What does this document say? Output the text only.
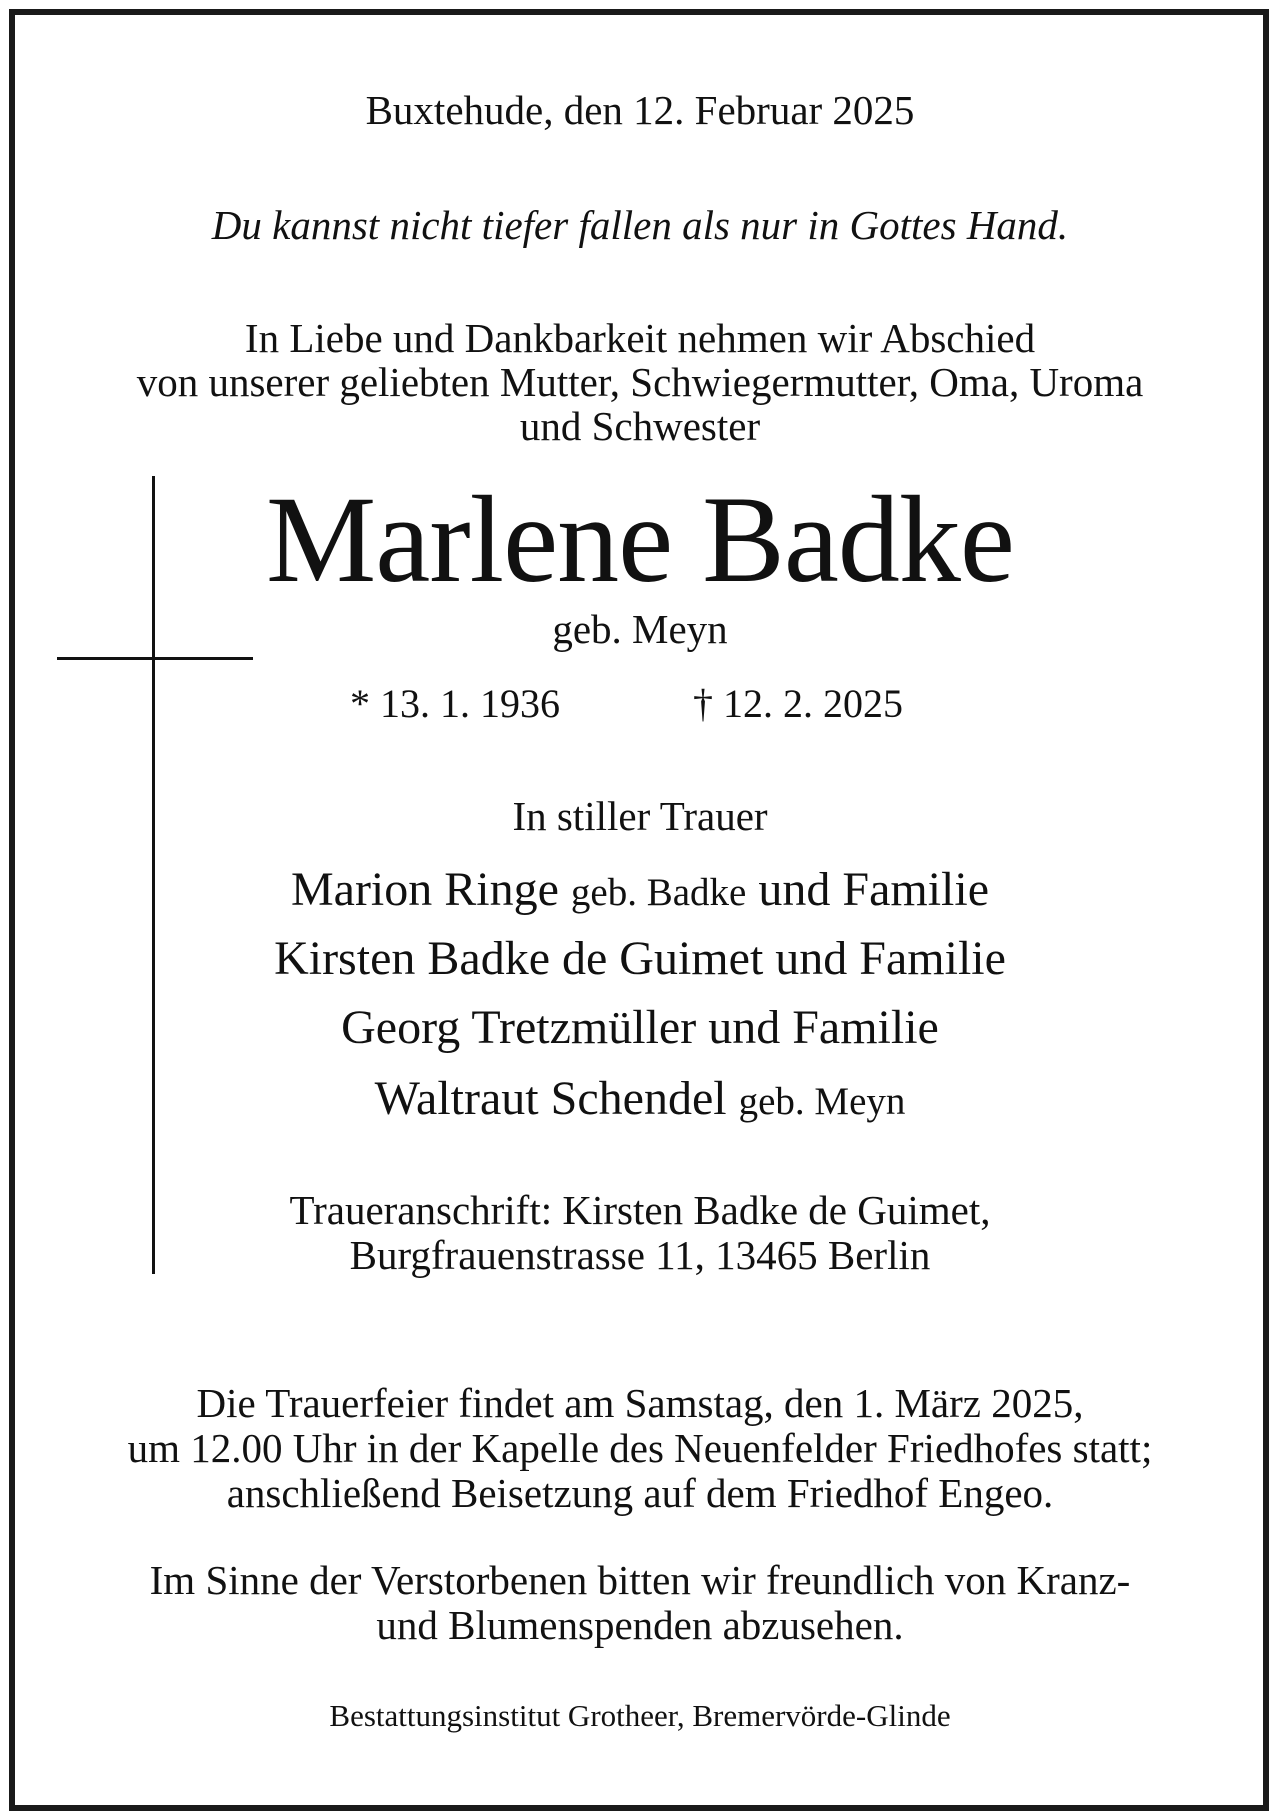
Buxtehude, den 12. Februar 2025
Du kannst nicht tiefer fallen als nur in Gottes Hand.
In Liebe und Dankbarkeit nehmen wir Abschied
von unserer geliebten Mutter, Schwiegermutter, Oma, Uroma
und Schwester
Marlene Badke
geb. Meyn
* 13. 1. 1936	† 12. 2. 2025
In stiller Trauer
Marion Ringe geb. Badke und Familie
Kirsten Badke de Guimet und Familie
Georg Tretzmüller und Familie
Waltraut Schendel geb. Meyn
Traueranschrift: Kirsten Badke de Guimet,
Burgfrauenstrasse 11, 13465 Berlin
Die Trauerfeier findet am Samstag, den 1. März 2025,
um 12.00 Uhr in der Kapelle des Neuenfelder Friedhofes statt;
anschließend Beisetzung auf dem Friedhof Engeo.
Im Sinne der Verstorbenen bitten wir freundlich von Kranz-
und Blumenspenden abzusehen.
Bestattungsinstitut Grotheer, Bremervörde-Glinde
